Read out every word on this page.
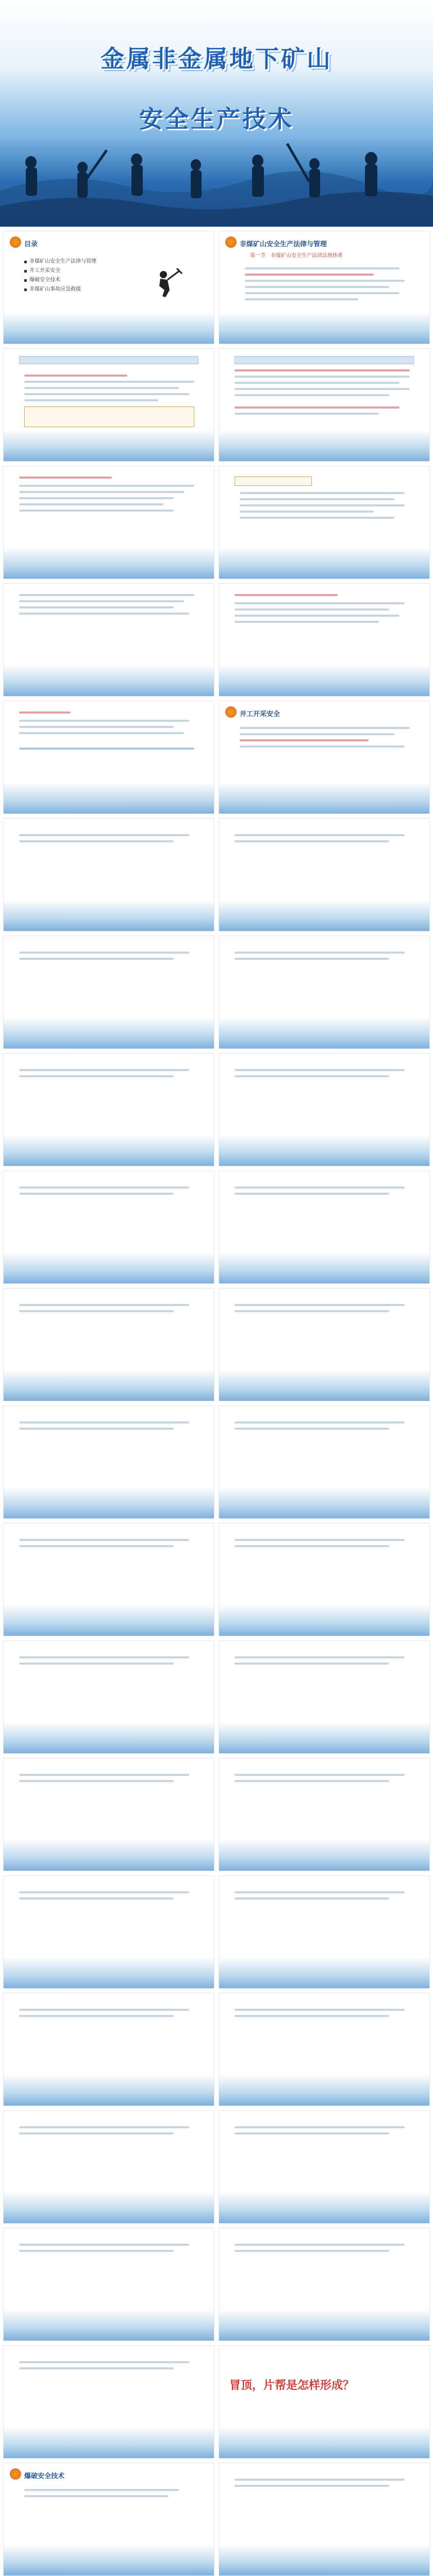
金属非金属地下矿山
安全生产技术
目录
非煤矿山安全生产法律与管理
井工开采安全
爆破安全技术
非煤矿山事故应急救援
非煤矿山安全生产法律与管理
第一节　非煤矿山安全生产法律法规体系
井工开采安全
冒顶，片帮是怎样形成？
爆破安全技术
